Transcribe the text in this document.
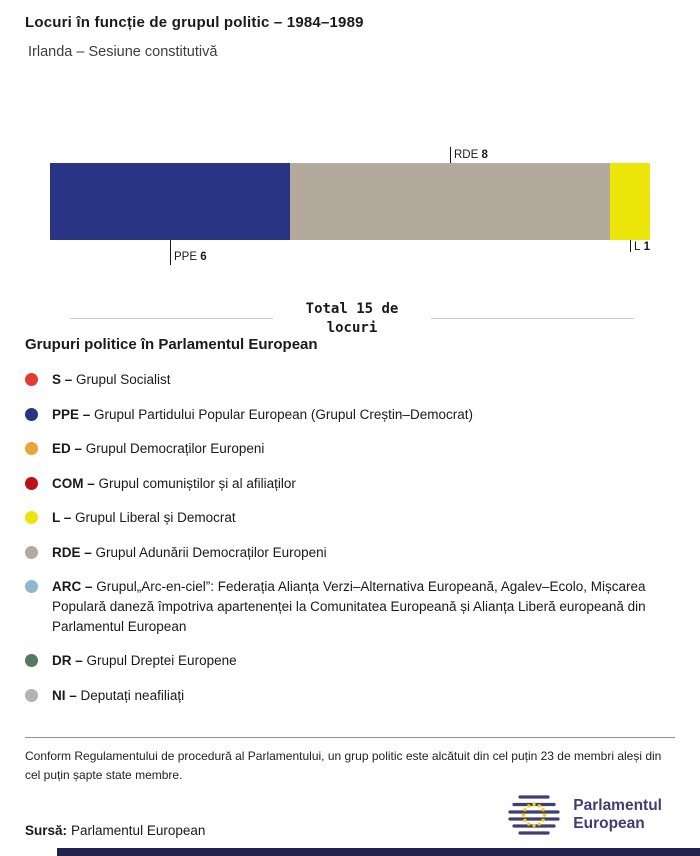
Locuri în funcție de grupul politic – 1984–1989
Irlanda – Sesiune constitutivă
PPE 6
RDE 8
L 1
Total 15 de locuri
Grupuri politice în Parlamentul European
S – Grupul Socialist
PPE – Grupul Partidului Popular European (Grupul Creștin–Democrat)
ED – Grupul Democraților Europeni
COM – Grupul comuniștilor și al afiliaților
L – Grupul Liberal și Democrat
RDE – Grupul Adunării Democraților Europeni
ARC – Grupul„Arc-en-ciel”: Federația Alianța Verzi–Alternativa Europeană, Agalev–Ecolo, Mișcarea Populară daneză împotriva apartenenței la Comunitatea Europeană și Alianța Liberă europeană din Parlamentul European
DR – Grupul Dreptei Europene
NI – Deputați neafiliați

Conform Regulamentului de procedură al Parlamentului, un grup politic este alcătuit din cel puțin 23 de membri aleși din cel puțin șapte state membre.

Sursă: Parlamentul European

Parlamentul
European
